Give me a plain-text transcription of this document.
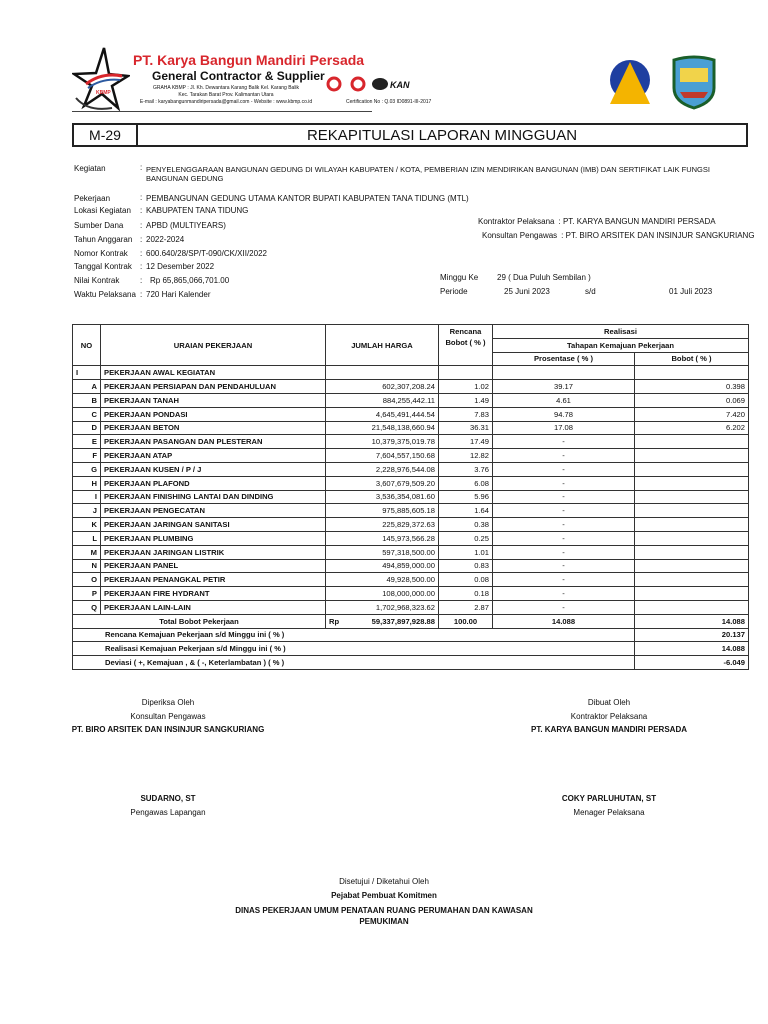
KBMP
PT. Karya Bangun Mandiri Persada
General Contractor & Supplier
GRAHA KBMP : Jl. Kh. Dewantara Karang Balik Kel. Karang Balik
Kec. Tarakan Barat Prov. Kalimantan Utara
E-mail : karyabangunmandiripersada@gmail.com - Website : www.kbmp.co.id
KAN
Certification No : Q.03 ID0891-III-2017
M-29	REKAPITULASI LAPORAN MINGGUAN
Kegiatan	: PENYELENGGARAAN BANGUNAN GEDUNG DI WILAYAH KABUPATEN / KOTA, PEMBERIAN IZIN MENDIRIKAN BANGUNAN (IMB) DAN SERTIFIKAT LAIK FUNGSI
BANGUNAN GEDUNG
Pekerjaan	: PEMBANGUNAN GEDUNG UTAMA KANTOR BUPATI KABUPATEN TANA TIDUNG (MTL)
Lokasi Kegiatan : KABUPATEN TANA TIDUNG
Sumber Dana : APBD (MULTIYEARS)
Tahun Anggaran : 2022-2024
Nomor Kontrak : 600.640/28/SP/T-090/CK/XII/2022
Tanggal Kontrak : 12 Desember 2022
Nilai Kontrak	: Rp 65,865,066,701.00
Waktu Pelaksana : 720 Hari Kalender
Kontraktor Pelaksana : PT. KARYA BANGUN MANDIRI PERSADA
Konsultan Pengawas : PT. BIRO ARSITEK DAN INSINJUR SANGKURIANG
Minggu Ke 29 ( Dua Puluh Sembilan )
Periode	25 Juni 2023	s/d	01 Juli 2023
NO	URAIAN PEKERJAAN	JUMLAH HARGA	Rencana	Realisasi	
			Bobot ( % )	Tahapan Kemajuan Pekerjaan	
				Prosentase ( % )	Bobot ( % )
I	PEKERJAAN AWAL KEGIATAN				
A	PEKERJAAN PERSIAPAN DAN PENDAHULUAN	602,307,208.24	1.02	39.17	0.398
B	PEKERJAAN TANAH	884,255,442.11	1.49	4.61	0.069
C	PEKERJAAN PONDASI	4,645,491,444.54	7.83	94.78	7.420
D	PEKERJAAN BETON	21,548,138,660.94	36.31	17.08	6.202
E	PEKERJAAN PASANGAN DAN PLESTERAN	10,379,375,019.78	17.49	-	
F	PEKERJAAN ATAP	7,604,557,150.68	12.82	-	
G	PEKERJAAN KUSEN / P / J	2,228,976,544.08	3.76	-	
H	PEKERJAAN PLAFOND	3,607,679,509.20	6.08	-	
I	PEKERJAAN FINISHING LANTAI DAN DINDING	3,536,354,081.60	5.96	-	
J	PEKERJAAN PENGECATAN	975,885,605.18	1.64	-	
K	PEKERJAAN JARINGAN SANITASI	225,829,372.63	0.38	-	
L	PEKERJAAN PLUMBING	145,973,566.28	0.25	-	
M	PEKERJAAN JARINGAN LISTRIK	597,318,500.00	1.01	-	
N	PEKERJAAN PANEL	494,859,000.00	0.83	-	
O	PEKERJAAN PENANGKAL PETIR	49,928,500.00	0.08	-	
P	PEKERJAAN FIRE HYDRANT	108,000,000.00	0.18	-	
Q	PEKERJAAN LAIN-LAIN	1,702,968,323.62	2.87	-	
Total Bobot Pekerjaan		Rp 59,337,897,928.88	100.00	14.088	14.088
Rencana Kemajuan Pekerjaan s/d Minggu ini ( % )					20.137
Realisasi Kemajuan Pekerjaan s/d Minggu ini ( % )					14.088
Deviasi ( +, Kemajuan , & ( -, Keterlambatan ) ( % )					-6.049
Diperiksa Oleh
Konsultan Pengawas
PT. BIRO ARSITEK DAN INSINJUR SANGKURIANG
SUDARNO, ST
Pengawas Lapangan
Dibuat Oleh
Kontraktor Pelaksana
PT. KARYA BANGUN MANDIRI PERSADA
COKY PARLUHUTAN, ST
Menager Pelaksana
Disetujui / Diketahui Oleh
Pejabat Pembuat Komitmen
DINAS PEKERJAAN UMUM PENATAAN RUANG PERUMAHAN DAN KAWASAN
PEMUKIMAN
